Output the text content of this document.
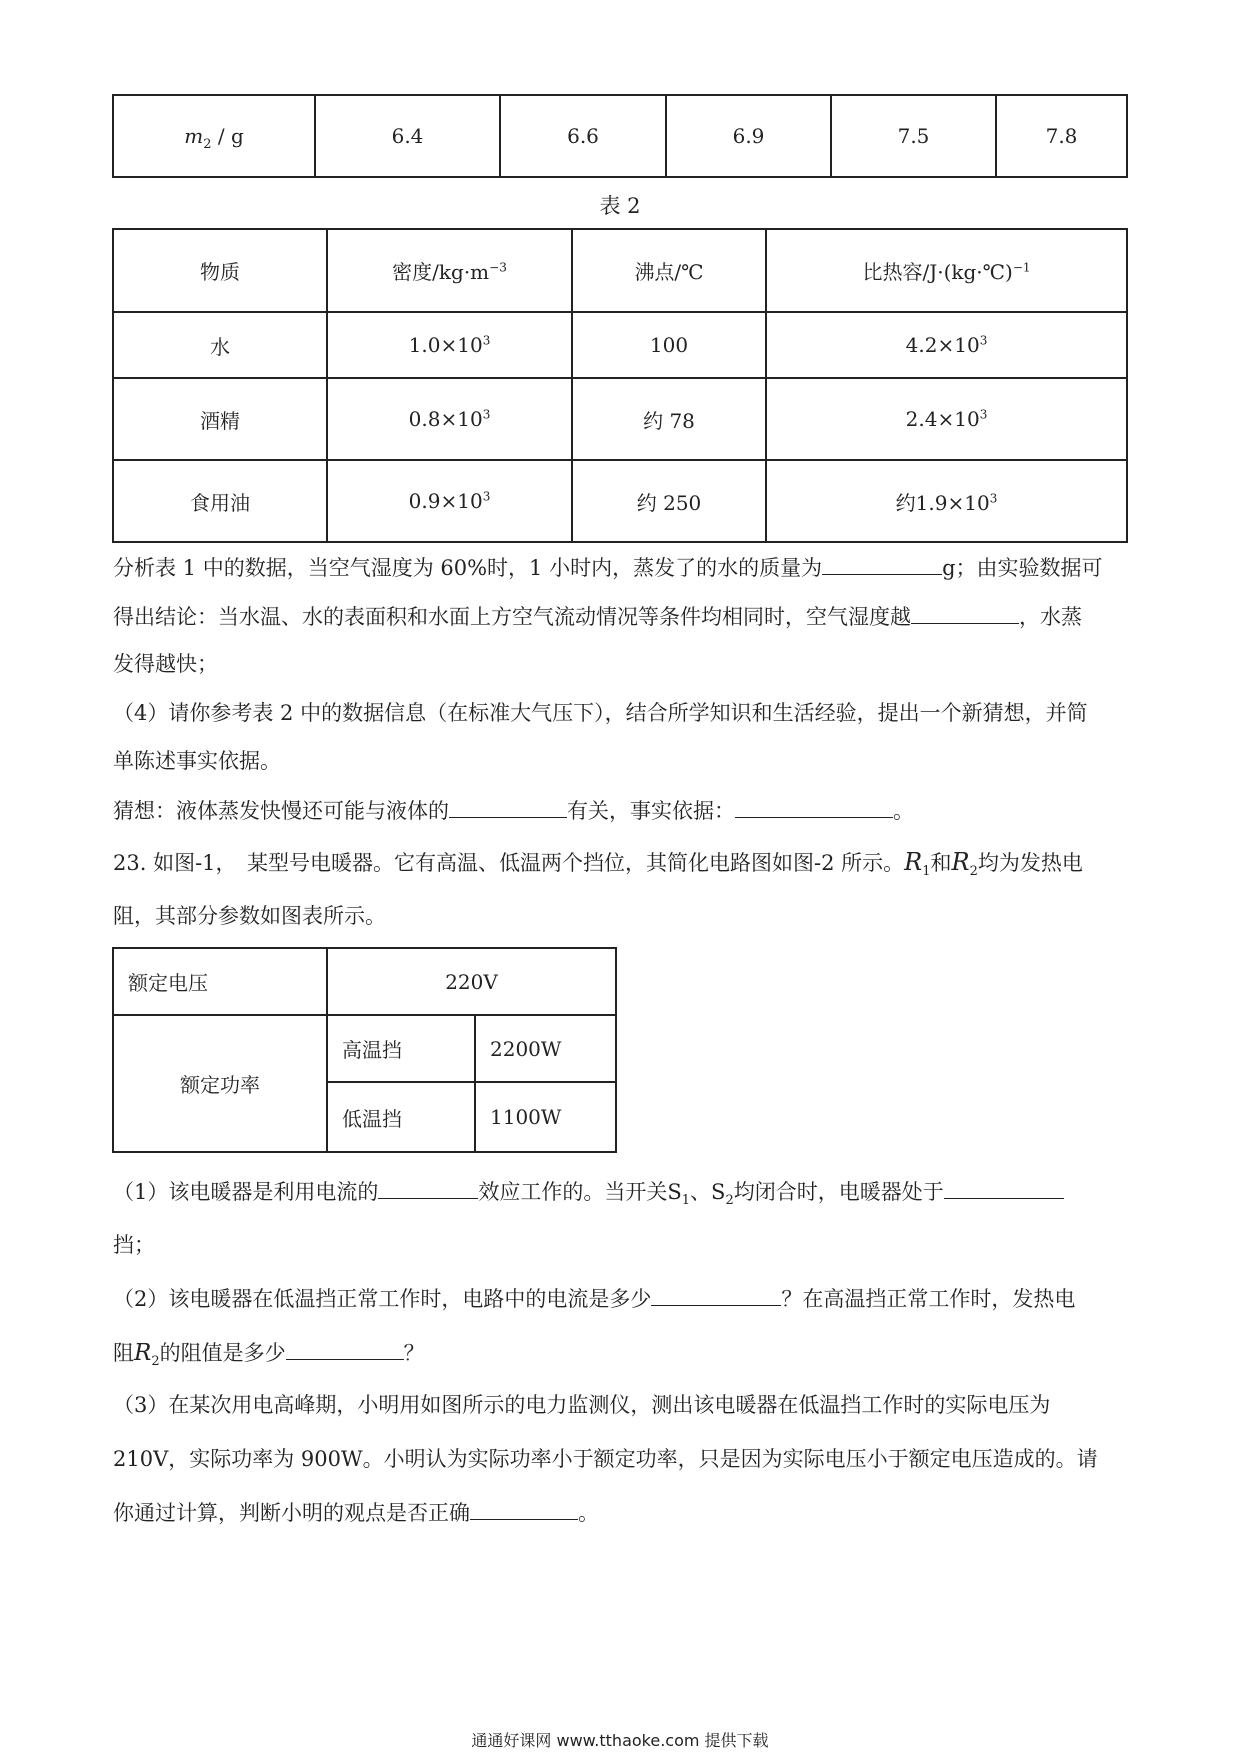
$m_2$ / g	6.4	6.6	6.9	7.5	7.8
表 2
物质	密度$/kg\cdot m^{-3}$	沸点/℃	比热容/J·(kg·℃)$^{-1}$
水	$1.0\times 10^3$	100	$4.2\times 10^3$
酒精	$0.8\times 10^3$	约 78	$2.4\times 10^3$
食用油	$0.9\times 10^3$	约 250	约$1.9\times 10^3$
分析表 1 中的数据，当空气湿度为 60%时，1 小时内，蒸发了的水的质量为	g；由实验数据可
得出结论：当水温、水的表面积和水面上方空气流动情况等条件均相同时，空气湿度越	，水蒸
发得越快；
（4）请你参考表 2 中的数据信息（在标准大气压下），结合所学知识和生活经验，提出一个新猜想，并简
单陈述事实依据。
猜想：液体蒸发快慢还可能与液体的	有关，事实依据：	。
23. 如图-1，　某型号电暖器。它有高温、低温两个挡位，其简化电路图如图-2 所示。$R_1$和$R_2$均为发热电
阻，其部分参数如图表所示。
额定电压	220V	
额定功率	高温挡	2200W
	低温挡	1100W
（1）该电暖器是利用电流的	效应工作的。当开关$S_1$、$S_2$均闭合时，电暖器处于
挡；
（2）该电暖器在低温挡正常工作时，电路中的电流是多少	？在高温挡正常工作时，发热电
阻$R_2$的阻值是多少	？
（3）在某次用电高峰期，小明用如图所示的电力监测仪，测出该电暖器在低温挡工作时的实际电压为
210V，实际功率为 900W。小明认为实际功率小于额定功率，只是因为实际电压小于额定电压造成的。请
你通过计算，判断小明的观点是否正确	。
通通好课网 www.tthaoke.com 提供下载
